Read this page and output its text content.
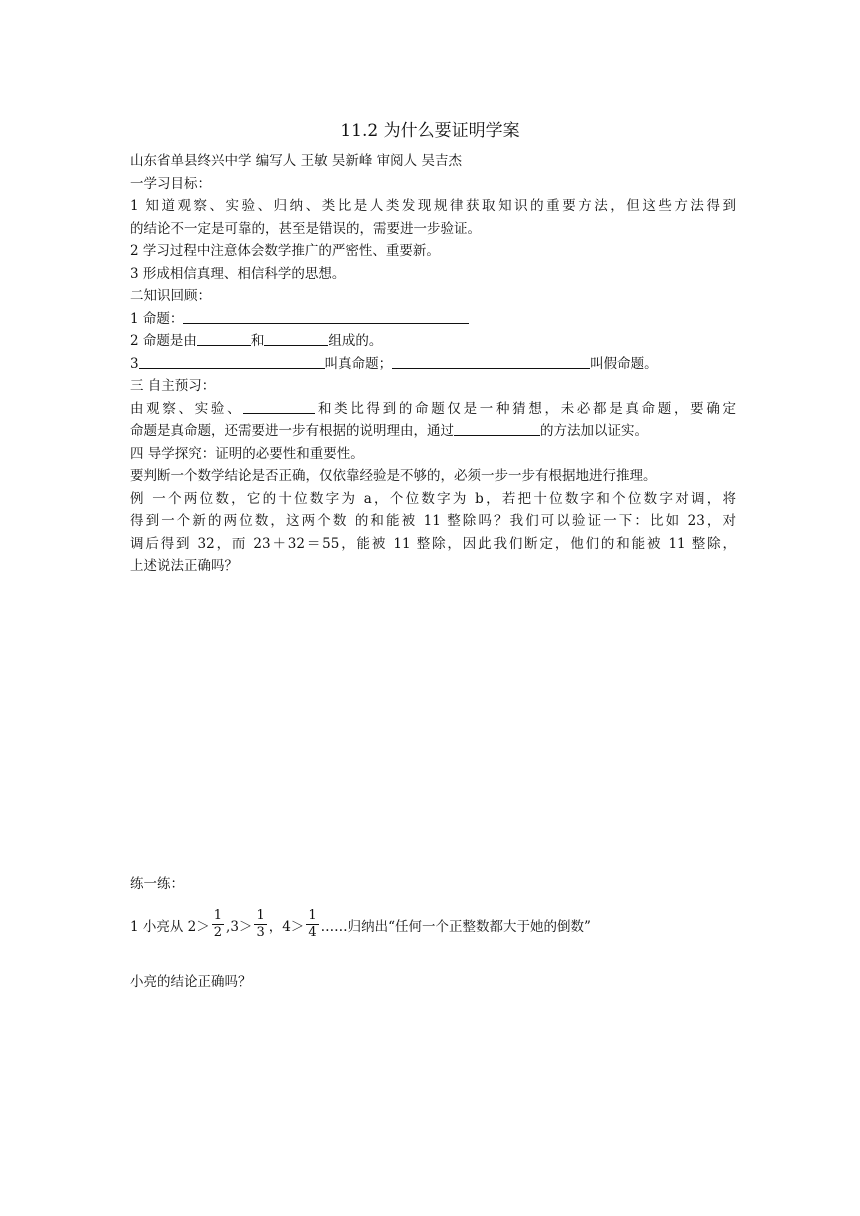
11.2 为什么要证明学案
山东省单县终兴中学 编写人 王敏 吴新峰 审阅人 吴吉杰
一学习目标：
1 知道观察、实验、归纳、类比是人类发现规律获取知识的重要方法，但这些方法得到
的结论不一定是可靠的，甚至是错误的，需要进一步验证。
2 学习过程中注意体会数学推广的严密性、重要新。
3 形成相信真理、相信科学的思想。
二知识回顾：
1 命题：
2 命题是由	和	组成的。
3	叫真命题；	叫假命题。
三 自主预习：
由观察、实验、	和类比得到的命题仅是一种猜想，未必都是真命题，要确定
命题是真命题，还需要进一步有根据的说明理由，通过	的方法加以证实。
四 导学探究：证明的必要性和重要性。
要判断一个数学结论是否正确，仅依靠经验是不够的，必须一步一步有根据地进行推理。
例 一个两位数，它的十位数字为 a，个位数字为 b，若把十位数字和个位数字对调，将
得到一个新的两位数，这两个数 的和能被 11 整除吗？我们可以验证一下：比如 23，对
调后得到 32，而 23＋32＝55，能被 11 整除，因此我们断定，他们的和能被 11 整除，
上述说法正确吗？
练一练：
1 小亮从 $2> \frac{1}{2} ,3> \frac{1}{3}$ ，$4> \frac{1}{4}$ ……归纳出“任何一个正整数都大于她的倒数”
小亮的结论正确吗？
